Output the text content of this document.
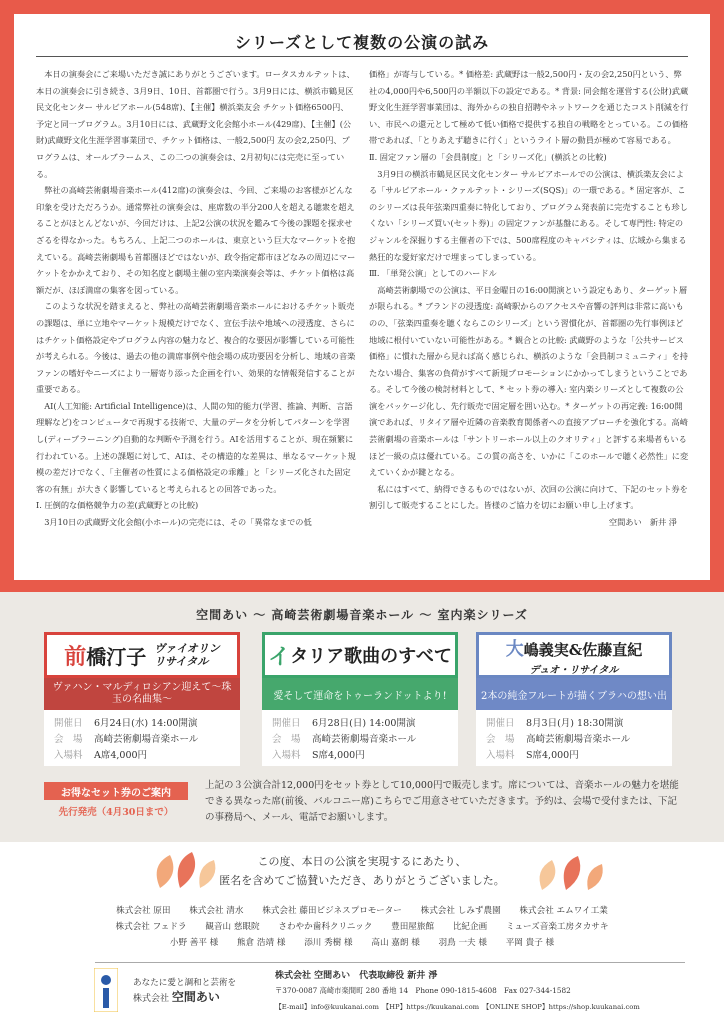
シリーズとして複数の公演の試み

本日の演奏会にご来場いただき誠にありがとうございます。ロータスカルテットは、本日の演奏会に引き続き、3月9日、10日、首都圏で行う。3月9日には、横浜市鶴見区民文化センター サルビアホール(548席)、【主催】横浜楽友会 チケット価格6500円、予定と同一プログラム。3月10日には、武蔵野文化会館小ホール(429席)、【主催】(公財)武蔵野文化生涯学習事業団で、チケット価格は、一般2,500円 友の会2,250円、プログラムは、オールブラームス、この二つの演奏会は、2月初旬には完売に至っている。

弊社の高崎芸術劇場音楽ホール(412席)の演奏会は、今回、ご来場のお客様がどんな印象を受けただろうか。通常弊社の演奏会は、座席数の半分200人を超える聴衆を超えることがほとんどないが、今回だけは、上記2公演の状況を鑑みて今後の課題を探求せざるを得なかった。もちろん、上記二つのホールは、東京という巨大なマーケットを抱えている。高崎芸術劇場も首都圏ほどではないが、政令指定都市ほどなみの周辺にマーケットをかかえており、その知名度と劇場主催の室内楽演奏会等は、チケット価格は高額だが、ほぼ満席の集客を図っている。

このような状況を踏まえると、弊社の高崎芸術劇場音楽ホールにおけるチケット販売の課題は、単に立地やマーケット規模だけでなく、宣伝手法や地域への浸透度、さらにはチケット価格設定やプログラム内容の魅力など、複合的な要因が影響している可能性が考えられる。今後は、過去の他の満席事例や他会場の成功要因を分析し、地域の音楽ファンの嗜好やニーズにより一層寄り添った企画を行い、効果的な情報発信することが重要である。

AI(人工知能: Artificial Intelligence)は、人間の知的能力(学習、推論、判断、言語理解など)をコンピュータで再現する技術で、大量のデータを分析してパターンを学習し(ディープラーニング)自動的な判断や予測を行う。AIを活用することが、現在頻繁に行われている。上述の課題に対して、AIは、その構造的な差異は、単なるマーケット規模の差だけでなく、「主催者の性質による価格設定の乖離」と「シリーズ化された固定客の有無」が大きく影響していると考えられるとの回答であった。

Ⅰ. 圧倒的な価格競争力の差(武蔵野との比較)

3月10日の武蔵野文化会館(小ホール)の完売には、その「異常なまでの低

価格」が寄与している。* 価格差: 武蔵野は一般2,500円・友の会2,250円という、弊社の4,000円や6,500円の半額以下の設定である。* 背景: 同会館を運営する(公財)武蔵野文化生涯学習事業団は、海外からの独自招聘やネットワークを通じたコスト削減を行い、市民への還元として極めて低い価格で提供する独自の戦略をとっている。この価格帯であれば、「とりあえず聴きに行く」というライト層の動員が極めて容易である。

Ⅱ. 固定ファン層の「会員制度」と「シリーズ化」(横浜との比較)

3月9日の横浜市鶴見区民文化センター サルビアホールでの公演は、横浜楽友会による「サルビアホール・クァルテット・シリーズ(SQS)」の一環である。* 固定客が、このシリーズは長年弦楽四重奏に特化しており、プログラム発表前に完売することも珍しくない「シリーズ買い(セット券)」の固定ファンが基盤にある。そして専門性: 特定のジャンルを深掘りする主催者の下では、500席程度のキャパシティは、広域から集まる熱狂的な愛好家だけで埋まってしまっている。

Ⅲ. 「単発公演」としてのハードル

高崎芸術劇場での公演は、平日金曜日の16:00開演という設定もあり、ターゲット層が限られる。* ブランドの浸透度: 高崎駅からのアクセスや音響の評判は非常に高いものの、「弦楽四重奏を聴くならこのシリーズ」という習慣化が、首都圏の先行事例ほど地域に根付いていない可能性がある。* 観合との比較: 武蔵野のような「公共サービス価格」に慣れた層から見れば高く感じられ、横浜のような「会員制コミュニティ」を持たない場合、集客の負荷がすべて新規プロモーションにかかってしまうということである。そして今後の検討材料として、* セット券の導入: 室内楽シリーズとして複数の公演をパッケージ化し、先行販売で固定層を囲い込む。* ターゲットの再定義: 16:00開演であれば、リタイア層や近隣の音楽教育関係者への直接アプローチを強化する。高崎芸術劇場の音楽ホールは「サントリーホール以上のクオリティ」と評する来場者もいるほど一級の点は優れている。この質の高さを、いかに「このホールで聴く必然性」に変えていくかが鍵となる。

私にはすべて、納得できるものではないが、次回の公演に向けて、下記のセット券を割引して販売することにした。皆様のご協力を切にお願い申し上げます。

空間あい　新井 淨

空間あい 〜 高崎芸術劇場音楽ホール 〜 室内楽シリーズ
前 橋汀子 ヴァイオリン
リサイタル
ヴァハン・マルディロシアン迎えて〜珠玉の名曲集〜
開催日 6月24日(水) 14:00開演
会　場 高崎芸術劇場音楽ホール
入場料 A席4,000円
イ タリア歌曲のすべて
愛そして運命をトゥーランドットより!
開催日 6月28日(日) 14:00開演
会　場 高崎芸術劇場音楽ホール
入場料 S席4,000円
大嶋義実&佐藤直紀
デュオ・リサイタル
2本の純金フルートが描くブラハの想い出
開催日 8月3日(月) 18:30開演
会　場 高崎芸術劇場音楽ホール
入場料 S席4,000円
お得なセット券のご案内
先行発売（4月30日まで）
上記の３公演合計12,000円をセット券として10,000円で販売します。席については、音楽ホールの魅力を堪能できる異なった席(前後、バルコニー席)こちらでご用意させていただきます。予約は、会場で受付または、下記の事務局へ、メール、電話でお願いします。
この度、本日の公演を実現するにあたり、
匿名を含めてご協賛いただき、ありがとうございました。
株式会社 原田 株式会社 清水 株式会社 藤田ビジネスプロモーター 株式会社 しみず農園 株式会社 エムワイ工業
株式会社 フェドラ 観音山 慈眼院 さわやか歯科クリニック 豊田屋旅館 比紀企画 ミューズ音楽工房タカサキ
小野 善平 様 熊倉 浩靖 様 添川 秀樹 様 高山 嘉朗 様 羽鳥 一夫 様 平岡 貴子 様
あなたに愛と調和と芸術を
株式会社 空間あい
株式会社 空間あい　代表取締役 新井 淨
〒370-0087 高崎市楽間町 280 番地 14　Phone 090-1815-4608　Fax 027-344-1582
【E-mail】info@kuukanai.com　【HP】https://kuukanai.com　【ONLINE SHOP】https://shop.kuukanai.com
